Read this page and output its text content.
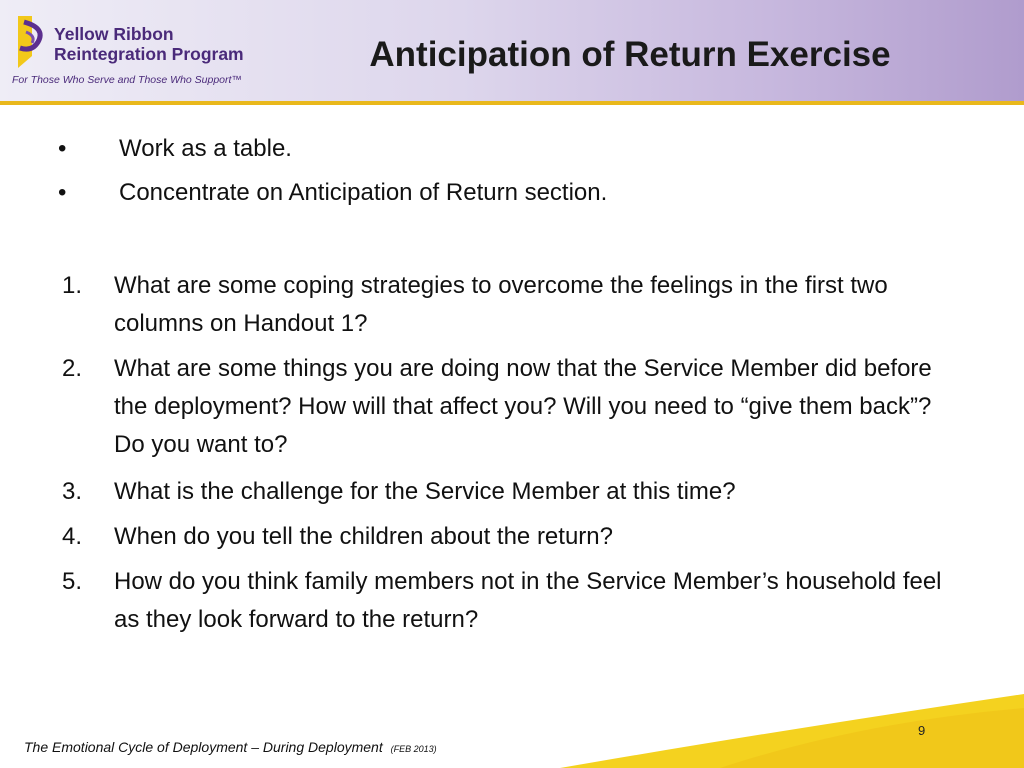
Yellow Ribbon
Reintegration Program
For Those Who Serve and Those Who Support™
Anticipation of Return Exercise
• Work as a table.
• Concentrate on Anticipation of Return section.
1. What are some coping strategies to overcome the feelings in the first two columns on Handout 1?
2. What are some things you are doing now that the Service Member did before the deployment? How will that affect you? Will you need to “give them back”? Do you want to?
3. What is the challenge for the Service Member at this time?
4. When do you tell the children about the return?
5. How do you think family members not in the Service Member’s household feel as they look forward to the return?
The Emotional Cycle of Deployment – During Deployment (FEB 2013)
9
